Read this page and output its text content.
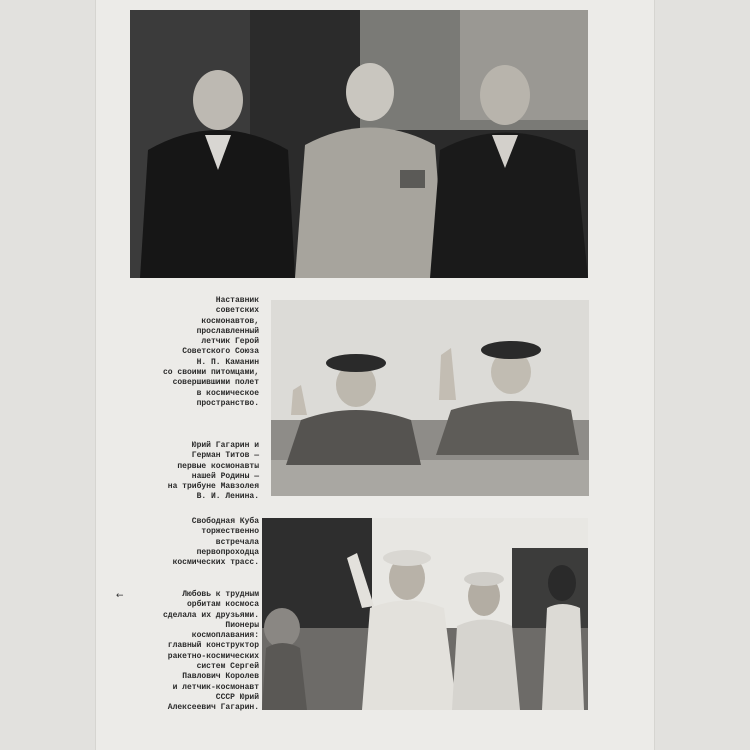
Наставник
советских
космонавтов,
прославленный
летчик Герой
Советского Союза
Н. П. Каманин
со своими питомцами,
совершившими полет
в космическое
пространство.
Юрий Гагарин и
Герман Титов —
первые космонавты
нашей Родины —
на трибуне Мавзолея
В. И. Ленина.
Свободная Куба
торжественно
встречала
первопроходца
космических трасс.
←	Любовь к трудным
орбитам космоса
сделала их друзьями.
Пионеры
космоплавания:
главный конструктор
ракетно-космических
систем Сергей
Павлович Королев
и летчик-космонавт
СССР Юрий
Алексеевич Гагарин.
